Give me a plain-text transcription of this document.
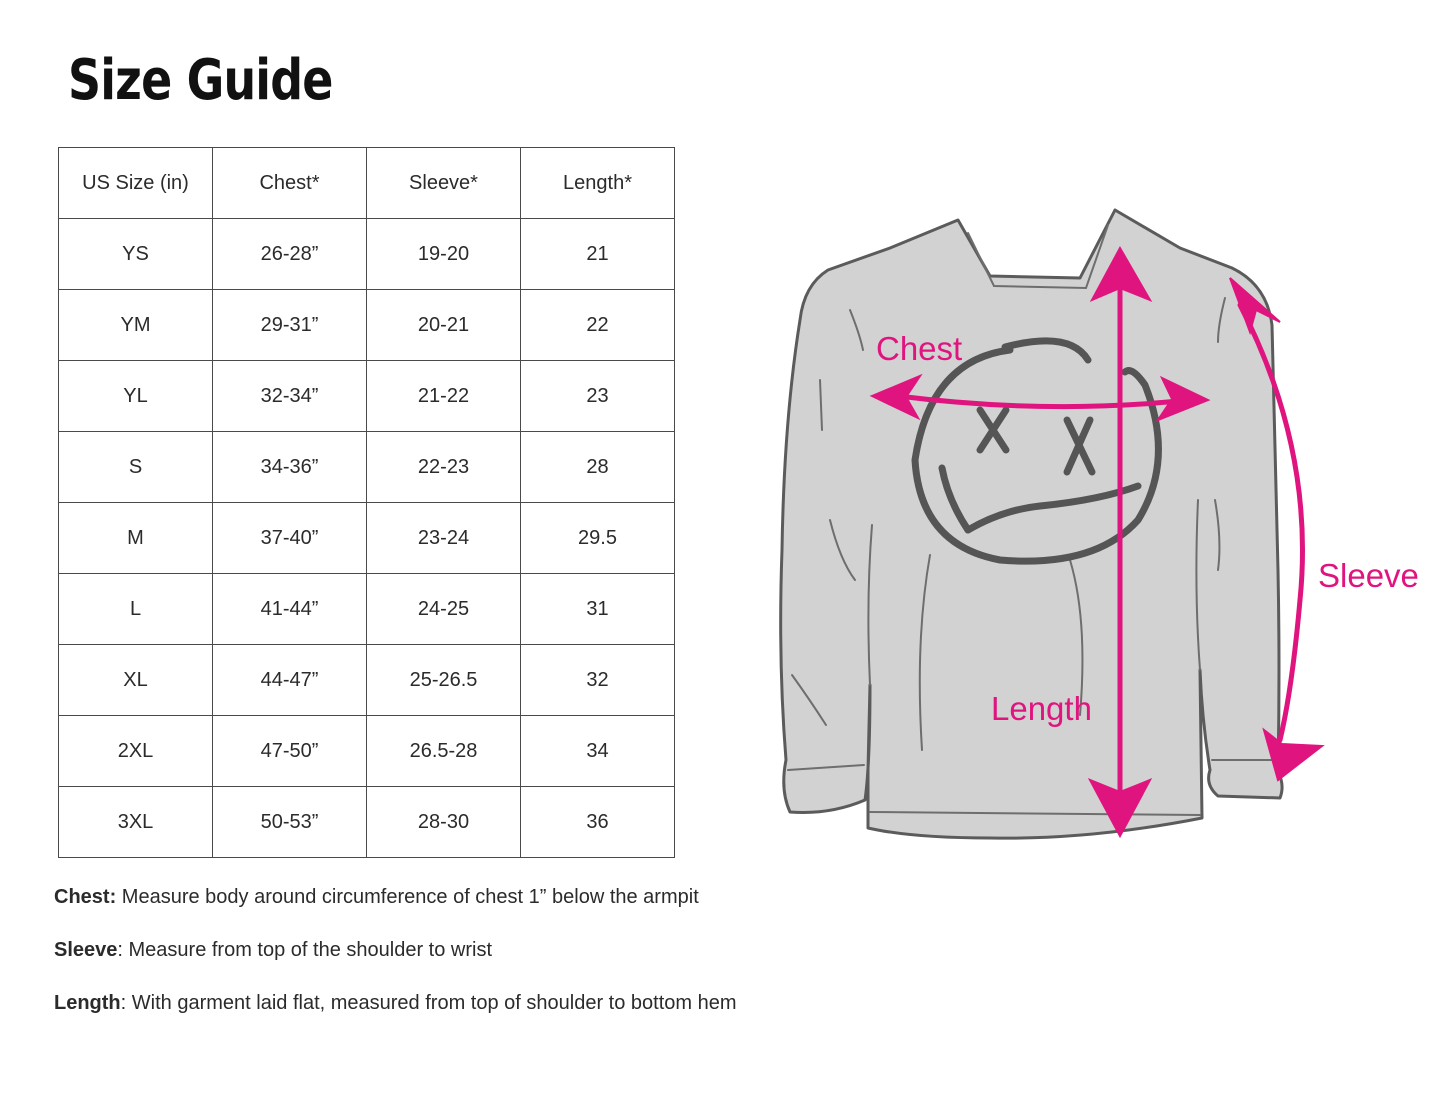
Size Guide
US Size (in)	Chest*	Sleeve*	Length*
YS	26-28”	19-20	21
YM	29-31”	20-21	22
YL	32-34”	21-22	23
S	34-36”	22-23	28
M	37-40”	23-24	29.5
L	41-44”	24-25	31
XL	44-47”	25-26.5	32
2XL	47-50”	26.5-28	34
3XL	50-53”	28-30	36
Chest: Measure body around circumference of chest 1” below the armpit
Sleeve: Measure from top of the shoulder to wrist
Length: With garment laid flat, measured from top of shoulder to bottom hem
Chest
Length
Sleeve
